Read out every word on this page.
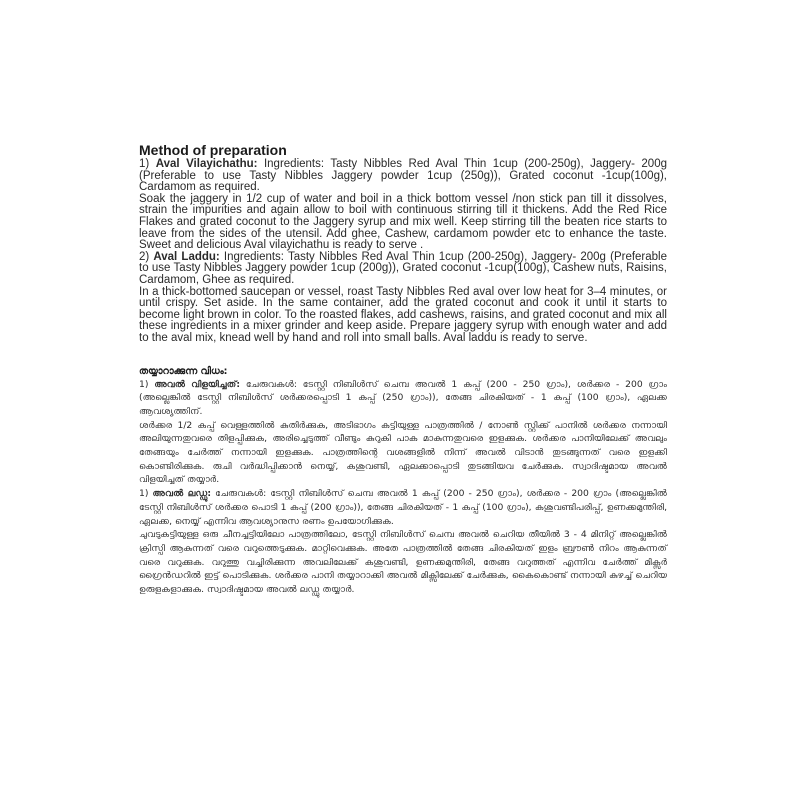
Method of preparation

1) Aval Vilayichathu: Ingredients: Tasty Nibbles Red Aval Thin 1cup (200-250g), Jaggery- 200g (Preferable to use Tasty Nibbles Jaggery powder 1cup (250g)), Grated coconut -1cup(100g), Cardamom as required.

Soak the jaggery in 1/2 cup of water and boil in a thick bottom vessel /non stick pan till it dissolves, strain the impurities and again allow to boil with continuous stirring till it thickens. Add the Red Rice Flakes and grated coconut to the Jaggery syrup and mix well. Keep stirring till the beaten rice starts to leave from the sides of the utensil. Add ghee, Cashew, cardamom powder etc to enhance the taste. Sweet and delicious Aval vilayichathu is ready to serve .

2) Aval Laddu: Ingredients: Tasty Nibbles Red Aval Thin 1cup (200-250g), Jaggery- 200g (Preferable to use Tasty Nibbles Jaggery powder 1cup (200g)), Grated coconut -1cup(100g), Cashew nuts, Raisins, Cardamom, Ghee as required.

In a thick-bottomed saucepan or vessel, roast Tasty Nibbles Red aval over low heat for 3–4 minutes, or until crispy. Set aside. In the same container, add the grated coconut and cook it until it starts to become light brown in color. To the roasted flakes, add cashews, raisins, and grated coconut and mix all these ingredients in a mixer grinder and keep aside. Prepare jaggery syrup with enough water and add to the aval mix, knead well by hand and roll into small balls. Aval laddu is ready to serve.

തയ്യാറാക്കുന്ന വിധം:

1) അവൽ വിളയിച്ചത്: ചേരുവകൾ: ടേസ്റ്റി നിബിൾസ് ചെമ്പ അവൽ 1 കപ്പ് (200 - 250 ഗ്രാം), ശർക്കര - 200 ഗ്രാം (അല്ലെങ്കിൽ ടേസ്റ്റി നിബിൾസ് ശർക്കരപ്പൊടി 1 കപ്പ് (250 ഗ്രാം)), തേങ്ങ ചിരകിയത് - 1 കപ്പ് (100 ഗ്രാം), ഏലക്ക ആവശ്യത്തിന്.

ശർക്കര 1/2 കപ്പ് വെള്ളത്തിൽ കുതിർക്കുക, അടിഭാഗം കട്ടിയുള്ള പാത്രത്തിൽ / നോൺ സ്റ്റിക്ക് പാനിൽ ശർക്കര നന്നായി അലിയുന്നതുവരെ തിളപ്പിക്കുക, അരിച്ചെടുത്ത് വീണ്ടും കുറുകി പാക മാകുന്നതുവരെ ഇളക്കുക. ശർക്കര പാനിയിലേക്ക് അവലും തേങ്ങയും ചേർത്ത് നന്നായി ഇളക്കുക. പാത്രത്തിന്റെ വശങ്ങളിൽ നിന്ന് അവൽ വിടാൻ തുടങ്ങുന്നത് വരെ ഇളക്കി കൊണ്ടിരിക്കുക. രുചി വർദ്ധിപ്പിക്കാൻ നെയ്യ്, കശുവണ്ടി, ഏലക്കാപ്പൊടി തുടങ്ങിയവ ചേർക്കുക. സ്വാദിഷ്ടമായ അവൽ വിളയിച്ചത് തയ്യാർ.

1) അവൽ ലഡ്ഡു: ചേരുവകൾ: ടേസ്റ്റി നിബിൾസ് ചെമ്പ അവൽ 1 കപ്പ് (200 - 250 ഗ്രാം), ശർക്കര - 200 ഗ്രാം (അല്ലെങ്കിൽ ടേസ്റ്റി നിബിൾസ് ശർക്കര പൊടി 1 കപ്പ് (200 ഗ്രാം)), തേങ്ങ ചിരകിയത് - 1 കപ്പ് (100 ഗ്രാം), കശുവണ്ടിപരിപ്പ്, ഉണക്കമുന്തിരി, ഏലക്ക, നെയ്യ് എന്നിവ ആവശ്യാനുസ രണം ഉപയോഗിക്കുക.

ചുവടുകട്ടിയുള്ള ഒരു ചീനച്ചട്ടിയിലോ പാത്രത്തിലോ, ടേസ്റ്റി നിബിൾസ് ചെമ്പ അവൽ ചെറിയ തീയിൽ 3 - 4 മിനിറ്റ് അല്ലെങ്കിൽ ക്രിസ്പി ആകുന്നത് വരെ വറുത്തെടുക്കുക. മാറ്റിവെക്കുക. അതേ പാത്രത്തിൽ തേങ്ങ ചിരകിയത് ഇളം ബ്രൗൺ നിറം ആകുന്നത് വരെ വറുക്കുക. വറുത്തു വച്ചിരിക്കുന്ന അവലിലേക്ക് കശുവണ്ടി, ഉണക്കമുന്തിരി, തേങ്ങ വറുത്തത് എന്നിവ ചേർത്ത് മിക്സർ ഗ്രൈൻഡറിൽ ഇട്ട് പൊടിക്കുക. ശർക്കര പാനി തയ്യാറാക്കി അവൽ മിക്സിലേക്ക് ചേർക്കുക, കൈകൊണ്ട് നന്നായി കുഴച്ച് ചെറിയ ഉരുളകളാക്കുക. സ്വാദിഷ്ടമായ അവൽ ലഡ്ഡു തയ്യാർ.
